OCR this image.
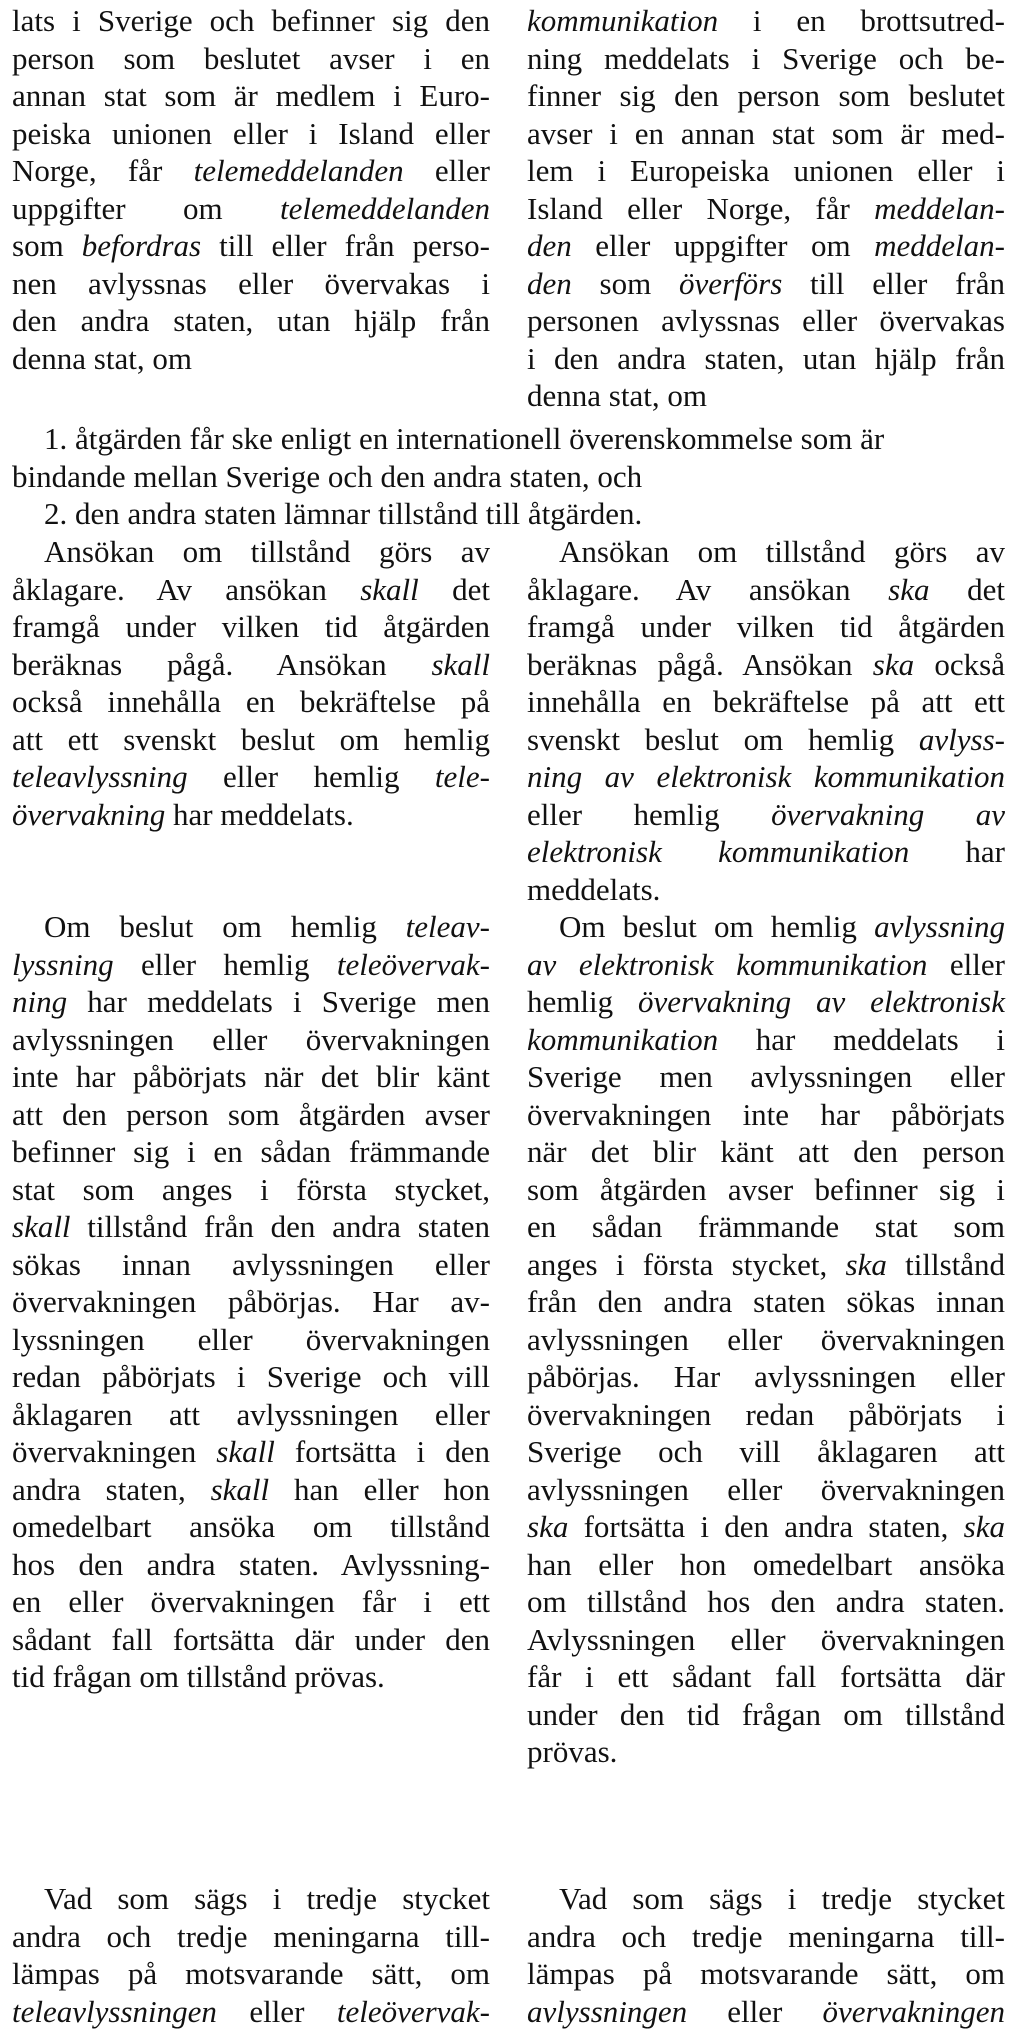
lats i Sverige och befinner sig den
person som beslutet avser i en
annan stat som är medlem i Euro-
peiska unionen eller i Island eller
Norge, får telemeddelanden eller
uppgifter om telemeddelanden
som befordras till eller från perso-
nen avlyssnas eller övervakas i
den andra staten, utan hjälp från
denna stat, om
kommunikation i en brottsutred-
ning meddelats i Sverige och be-
finner sig den person som beslutet
avser i en annan stat som är med-
lem i Europeiska unionen eller i
Island eller Norge, får meddelan-
den eller uppgifter om meddelan-
den som överförs till eller från
personen avlyssnas eller övervakas
i den andra staten, utan hjälp från
denna stat, om
1. åtgärden får ske enligt en internationell överenskommelse som är
bindande mellan Sverige och den andra staten, och
2. den andra staten lämnar tillstånd till åtgärden.
Ansökan om tillstånd görs av
åklagare. Av ansökan skall det
framgå under vilken tid åtgärden
beräknas pågå. Ansökan skall
också innehålla en bekräftelse på
att ett svenskt beslut om hemlig
teleavlyssning eller hemlig tele-
övervakning har meddelats.
Ansökan om tillstånd görs av
åklagare. Av ansökan ska det
framgå under vilken tid åtgärden
beräknas pågå. Ansökan ska också
innehålla en bekräftelse på att ett
svenskt beslut om hemlig avlyss-
ning av elektronisk kommunikation
eller hemlig övervakning av
elektronisk kommunikation har
meddelats.
Om beslut om hemlig teleav-
lyssning eller hemlig teleövervak-
ning har meddelats i Sverige men
avlyssningen eller övervakningen
inte har påbörjats när det blir känt
att den person som åtgärden avser
befinner sig i en sådan främmande
stat som anges i första stycket,
skall tillstånd från den andra staten
sökas innan avlyssningen eller
övervakningen påbörjas. Har av-
lyssningen eller övervakningen
redan påbörjats i Sverige och vill
åklagaren att avlyssningen eller
övervakningen skall fortsätta i den
andra staten, skall han eller hon
omedelbart ansöka om tillstånd
hos den andra staten. Avlyssning-
en eller övervakningen får i ett
sådant fall fortsätta där under den
tid frågan om tillstånd prövas.
Om beslut om hemlig avlyssning
av elektronisk kommunikation eller
hemlig övervakning av elektronisk
kommunikation har meddelats i
Sverige men avlyssningen eller
övervakningen inte har påbörjats
när det blir känt att den person
som åtgärden avser befinner sig i
en sådan främmande stat som
anges i första stycket, ska tillstånd
från den andra staten sökas innan
avlyssningen eller övervakningen
påbörjas. Har avlyssningen eller
övervakningen redan påbörjats i
Sverige och vill åklagaren att
avlyssningen eller övervakningen
ska fortsätta i den andra staten, ska
han eller hon omedelbart ansöka
om tillstånd hos den andra staten.
Avlyssningen eller övervakningen
får i ett sådant fall fortsätta där
under den tid frågan om tillstånd
prövas.
Vad som sägs i tredje stycket
andra och tredje meningarna till-
lämpas på motsvarande sätt, om
teleavlyssningen eller teleövervak-
Vad som sägs i tredje stycket
andra och tredje meningarna till-
lämpas på motsvarande sätt, om
avlyssningen eller övervakningen
